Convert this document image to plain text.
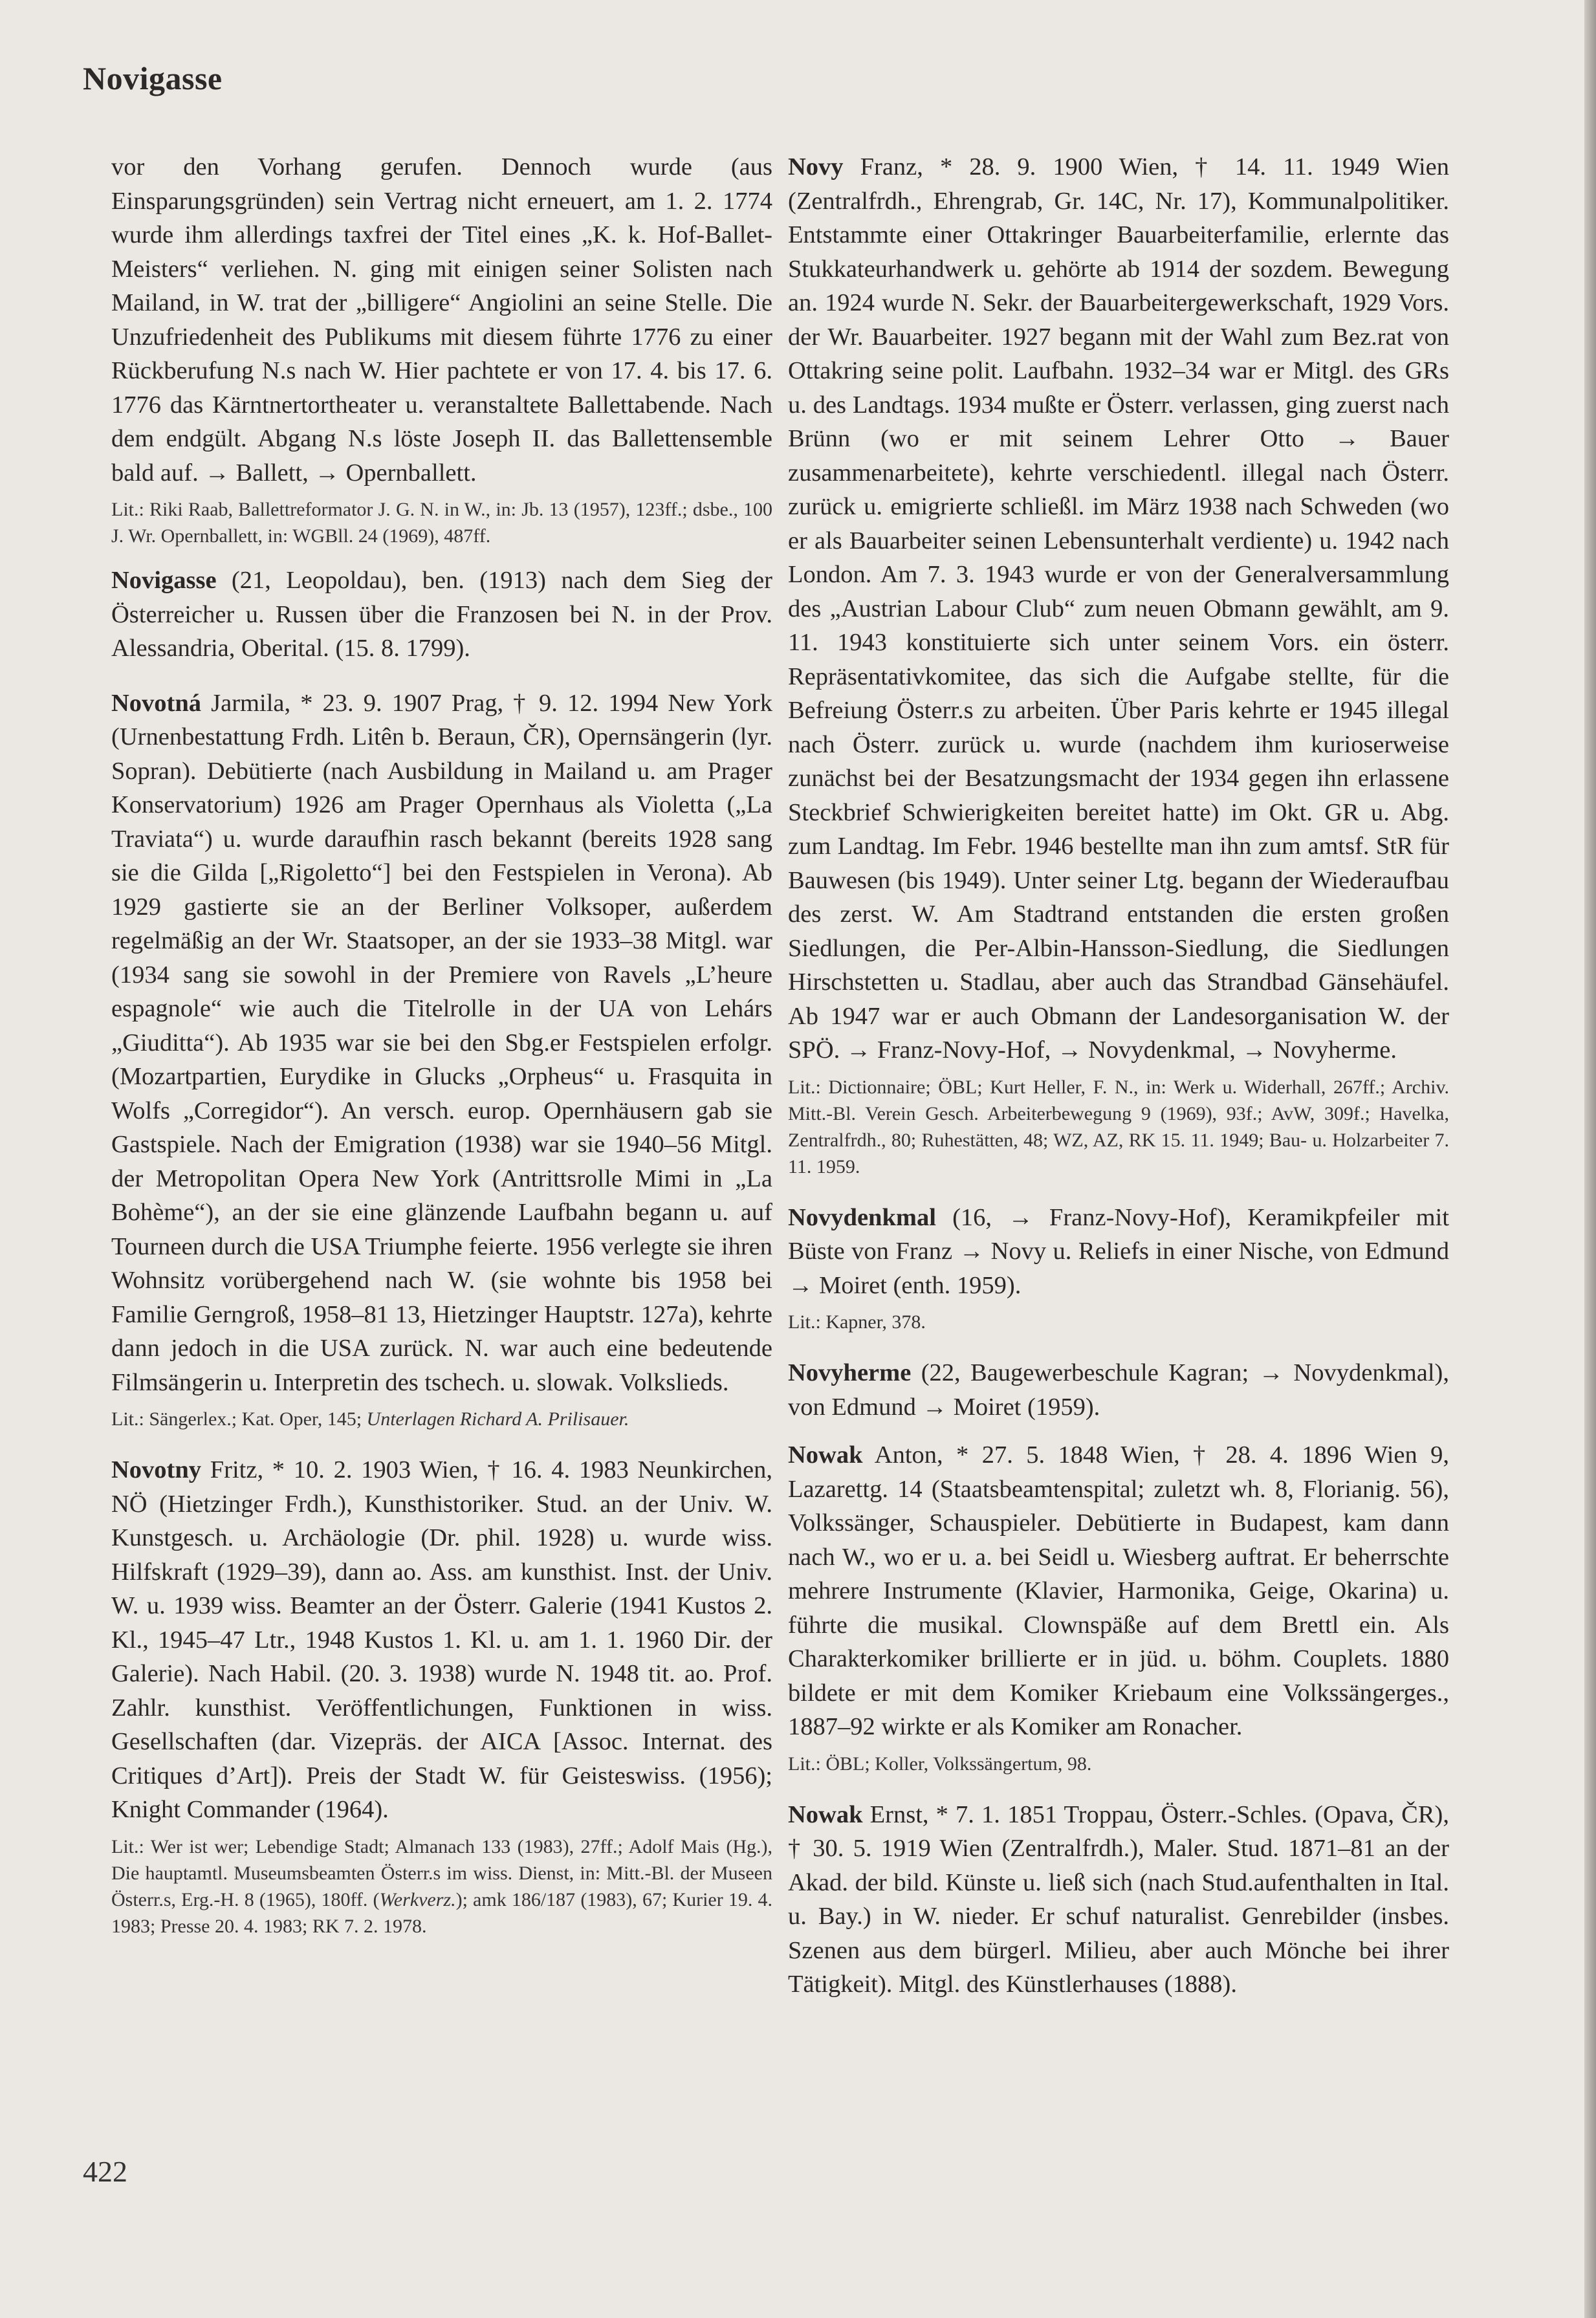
Novigasse

vor den Vorhang gerufen. Dennoch wurde (aus Einsparungsgründen) sein Vertrag nicht erneuert, am 1. 2. 1774 wurde ihm allerdings taxfrei der Titel eines „K. k. Hof-Ballet-Meisters“ verliehen. N. ging mit einigen seiner Solisten nach Mailand, in W. trat der „billigere“ Angiolini an seine Stelle. Die Unzufriedenheit des Publikums mit diesem führte 1776 zu einer Rückberufung N.s nach W. Hier pachtete er von 17. 4. bis 17. 6. 1776 das Kärntnertortheater u. veranstaltete Ballettabende. Nach dem endgült. Abgang N.s löste Joseph II. das Ballettensemble bald auf. → Ballett, → Opernballett.

Lit.: Riki Raab, Ballettreformator J. G. N. in W., in: Jb. 13 (1957), 123ff.; dsbe., 100 J. Wr. Opernballett, in: WGBll. 24 (1969), 487ff.

Novigasse (21, Leopoldau), ben. (1913) nach dem Sieg der Österreicher u. Russen über die Franzosen bei N. in der Prov. Alessandria, Oberital. (15. 8. 1799).

Novotná Jarmila, * 23. 9. 1907 Prag, † 9. 12. 1994 New York (Urnenbestattung Frdh. Litên b. Beraun, ČR), Opernsängerin (lyr. Sopran). Debütierte (nach Ausbildung in Mailand u. am Prager Konservatorium) 1926 am Prager Opernhaus als Violetta („La Traviata“) u. wurde daraufhin rasch bekannt (bereits 1928 sang sie die Gilda [„Rigoletto“] bei den Festspielen in Verona). Ab 1929 gastierte sie an der Berliner Volksoper, außerdem regelmäßig an der Wr. Staatsoper, an der sie 1933–38 Mitgl. war (1934 sang sie sowohl in der Premiere von Ravels „L’heure espagnole“ wie auch die Titelrolle in der UA von Lehárs „Giuditta“). Ab 1935 war sie bei den Sbg.er Festspielen erfolgr. (Mozartpartien, Eurydike in Glucks „Orpheus“ u. Frasquita in Wolfs „Corregidor“). An versch. europ. Opernhäusern gab sie Gastspiele. Nach der Emigration (1938) war sie 1940–56 Mitgl. der Metropolitan Opera New York (Antrittsrolle Mimi in „La Bohème“), an der sie eine glänzende Laufbahn begann u. auf Tourneen durch die USA Triumphe feierte. 1956 verlegte sie ihren Wohnsitz vorübergehend nach W. (sie wohnte bis 1958 bei Familie Gerngroß, 1958–81 13, Hietzinger Hauptstr. 127a), kehrte dann jedoch in die USA zurück. N. war auch eine bedeutende Filmsängerin u. Interpretin des tschech. u. slowak. Volkslieds.

Lit.: Sängerlex.; Kat. Oper, 145; Unterlagen Richard A. Prilisauer.

Novotny Fritz, * 10. 2. 1903 Wien, † 16. 4. 1983 Neunkirchen, NÖ (Hietzinger Frdh.), Kunsthistoriker. Stud. an der Univ. W. Kunstgesch. u. Archäologie (Dr. phil. 1928) u. wurde wiss. Hilfskraft (1929–39), dann ao. Ass. am kunsthist. Inst. der Univ. W. u. 1939 wiss. Beamter an der Österr. Galerie (1941 Kustos 2. Kl., 1945–47 Ltr., 1948 Kustos 1. Kl. u. am 1. 1. 1960 Dir. der Galerie). Nach Habil. (20. 3. 1938) wurde N. 1948 tit. ao. Prof. Zahlr. kunsthist. Veröffentlichungen, Funktionen in wiss. Gesellschaften (dar. Vizepräs. der AICA [Assoc. Internat. des Critiques d’Art]). Preis der Stadt W. für Geisteswiss. (1956); Knight Commander (1964).

Lit.: Wer ist wer; Lebendige Stadt; Almanach 133 (1983), 27ff.; Adolf Mais (Hg.), Die hauptamtl. Museumsbeamten Österr.s im wiss. Dienst, in: Mitt.-Bl. der Museen Österr.s, Erg.-H. 8 (1965), 180ff. (Werkverz.); amk 186/187 (1983), 67; Kurier 19. 4. 1983; Presse 20. 4. 1983; RK 7. 2. 1978.

Novy Franz, * 28. 9. 1900 Wien, † 14. 11. 1949 Wien (Zentralfrdh., Ehrengrab, Gr. 14C, Nr. 17), Kommunalpolitiker. Entstammte einer Ottakringer Bauarbeiterfamilie, erlernte das Stukkateurhandwerk u. gehörte ab 1914 der sozdem. Bewegung an. 1924 wurde N. Sekr. der Bauarbeitergewerkschaft, 1929 Vors. der Wr. Bauarbeiter. 1927 begann mit der Wahl zum Bez.rat von Ottakring seine polit. Laufbahn. 1932–34 war er Mitgl. des GRs u. des Landtags. 1934 mußte er Österr. verlassen, ging zuerst nach Brünn (wo er mit seinem Lehrer Otto → Bauer zusammenarbeitete), kehrte verschiedentl. illegal nach Österr. zurück u. emigrierte schließl. im März 1938 nach Schweden (wo er als Bauarbeiter seinen Lebensunterhalt verdiente) u. 1942 nach London. Am 7. 3. 1943 wurde er von der Generalversammlung des „Austrian Labour Club“ zum neuen Obmann gewählt, am 9. 11. 1943 konstituierte sich unter seinem Vors. ein österr. Repräsentativkomitee, das sich die Aufgabe stellte, für die Befreiung Österr.s zu arbeiten. Über Paris kehrte er 1945 illegal nach Österr. zurück u. wurde (nachdem ihm kurioserweise zunächst bei der Besatzungsmacht der 1934 gegen ihn erlassene Steckbrief Schwierigkeiten bereitet hatte) im Okt. GR u. Abg. zum Landtag. Im Febr. 1946 bestellte man ihn zum amtsf. StR für Bauwesen (bis 1949). Unter seiner Ltg. begann der Wiederaufbau des zerst. W. Am Stadtrand entstanden die ersten großen Siedlungen, die Per-Albin-Hansson-Siedlung, die Siedlungen Hirschstetten u. Stadlau, aber auch das Strandbad Gänsehäufel. Ab 1947 war er auch Obmann der Landesorganisation W. der SPÖ. → Franz-Novy-Hof, → Novydenkmal, → Novyherme.

Lit.: Dictionnaire; ÖBL; Kurt Heller, F. N., in: Werk u. Widerhall, 267ff.; Archiv. Mitt.-Bl. Verein Gesch. Arbeiterbewegung 9 (1969), 93f.; AvW, 309f.; Havelka, Zentralfrdh., 80; Ruhestätten, 48; WZ, AZ, RK 15. 11. 1949; Bau- u. Holzarbeiter 7. 11. 1959.

Novydenkmal (16, → Franz-Novy-Hof), Keramikpfeiler mit Büste von Franz → Novy u. Reliefs in einer Nische, von Edmund → Moiret (enth. 1959).

Lit.: Kapner, 378.

Novyherme (22, Baugewerbeschule Kagran; → Novydenkmal), von Edmund → Moiret (1959).

Nowak Anton, * 27. 5. 1848 Wien, † 28. 4. 1896 Wien 9, Lazarettg. 14 (Staatsbeamtenspital; zuletzt wh. 8, Florianig. 56), Volkssänger, Schauspieler. Debütierte in Budapest, kam dann nach W., wo er u. a. bei Seidl u. Wiesberg auftrat. Er beherrschte mehrere Instrumente (Klavier, Harmonika, Geige, Okarina) u. führte die musikal. Clownspäße auf dem Brettl ein. Als Charakterkomiker brillierte er in jüd. u. böhm. Couplets. 1880 bildete er mit dem Komiker Kriebaum eine Volkssängerges., 1887–92 wirkte er als Komiker am Ronacher.

Lit.: ÖBL; Koller, Volkssängertum, 98.

Nowak Ernst, * 7. 1. 1851 Troppau, Österr.-Schles. (Opava, ČR), † 30. 5. 1919 Wien (Zentralfrdh.), Maler. Stud. 1871–81 an der Akad. der bild. Künste u. ließ sich (nach Stud.aufenthalten in Ital. u. Bay.) in W. nieder. Er schuf naturalist. Genrebilder (insbes. Szenen aus dem bürgerl. Milieu, aber auch Mönche bei ihrer Tätigkeit). Mitgl. des Künstlerhauses (1888).

422
